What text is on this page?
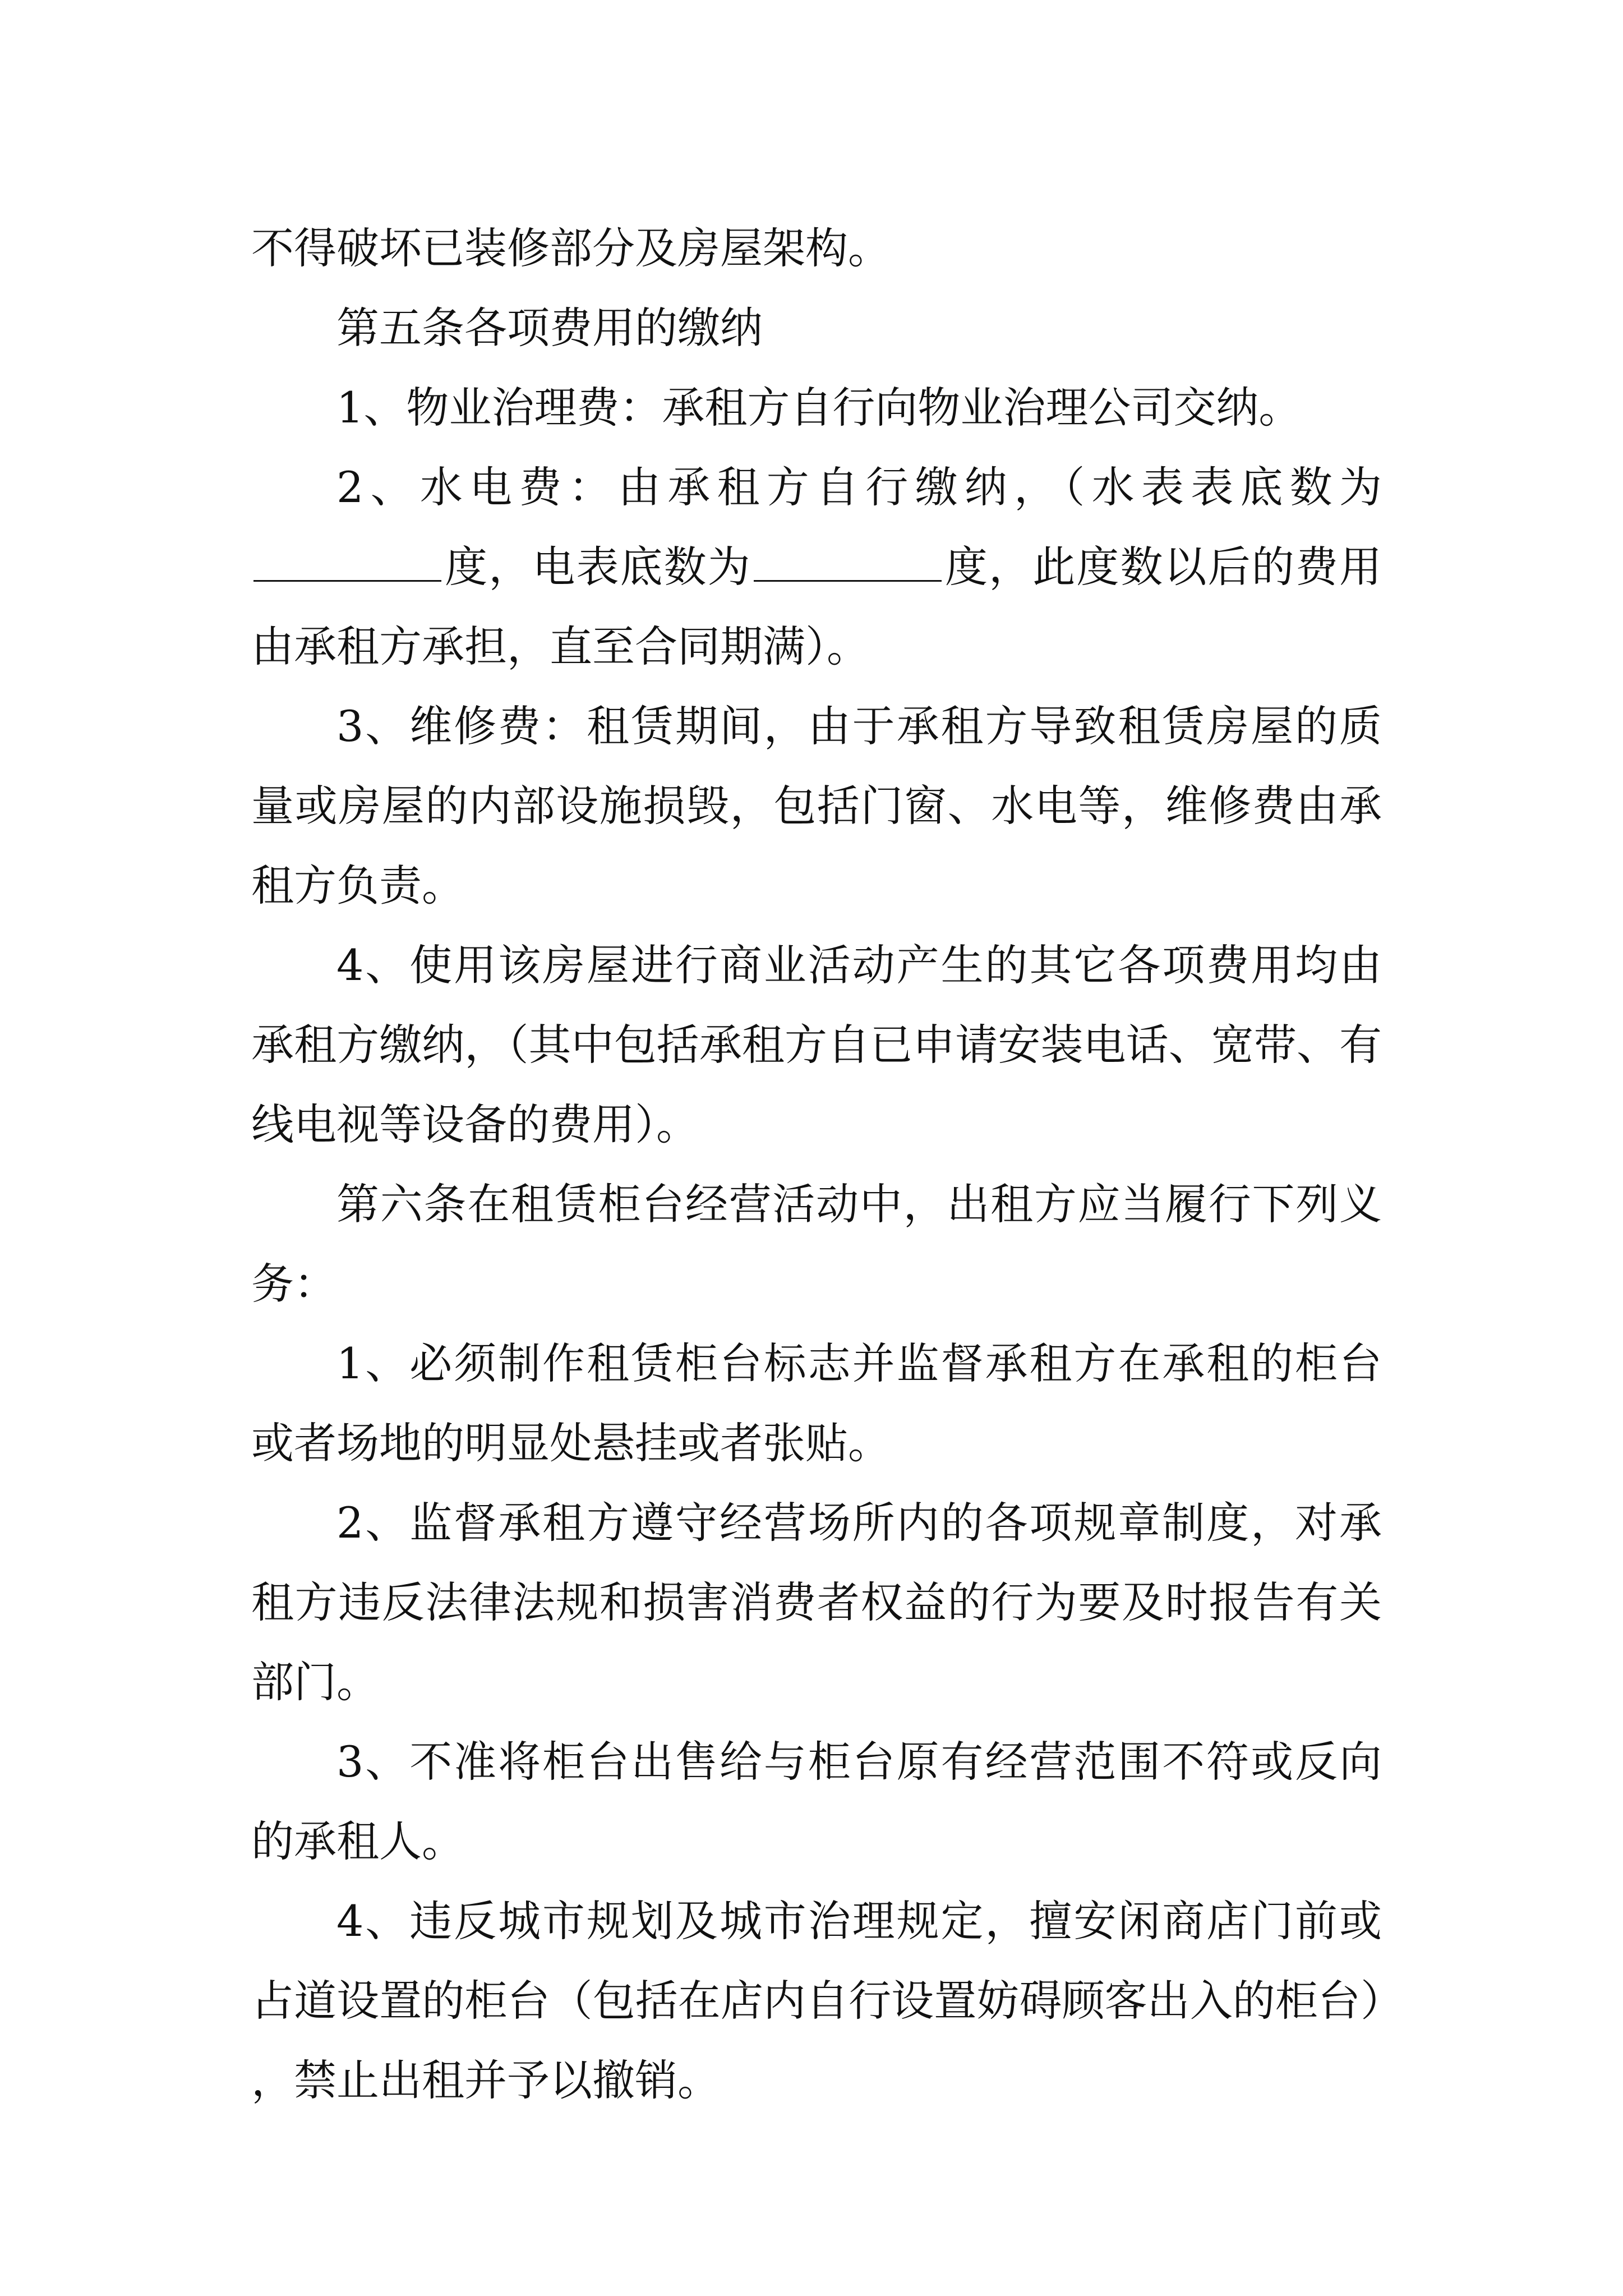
不得破坏已装修部分及房屋架构。

第五条各项费用的缴纳

1、物业治理费：承租方自行向物业治理公司交纳。

2、水电费：由承租方自行缴纳，（水表表底数为度，电表底数为	度，此度数以后的费用由承租方承担，直至合同期满）。

3、维修费：租赁期间，由于承租方导致租赁房屋的质量或房屋的内部设施损毁，包括门窗、水电等，维修费由承租方负责。

4、使用该房屋进行商业活动产生的其它各项费用均由承租方缴纳，（其中包括承租方自已申请安装电话、宽带、有线电视等设备的费用）。

第六条在租赁柜台经营活动中，出租方应当履行下列义务：

1、必须制作租赁柜台标志并监督承租方在承租的柜台或者场地的明显处悬挂或者张贴。

2、监督承租方遵守经营场所内的各项规章制度，对承租方违反法律法规和损害消费者权益的行为要及时报告有关部门。

3、不准将柜台出售给与柜台原有经营范围不符或反向的承租人。

4、违反城市规划及城市治理规定，擅安闲商店门前或占道设置的柜台（包括在店内自行设置妨碍顾客出入的柜台），禁止出租并予以撤销。
